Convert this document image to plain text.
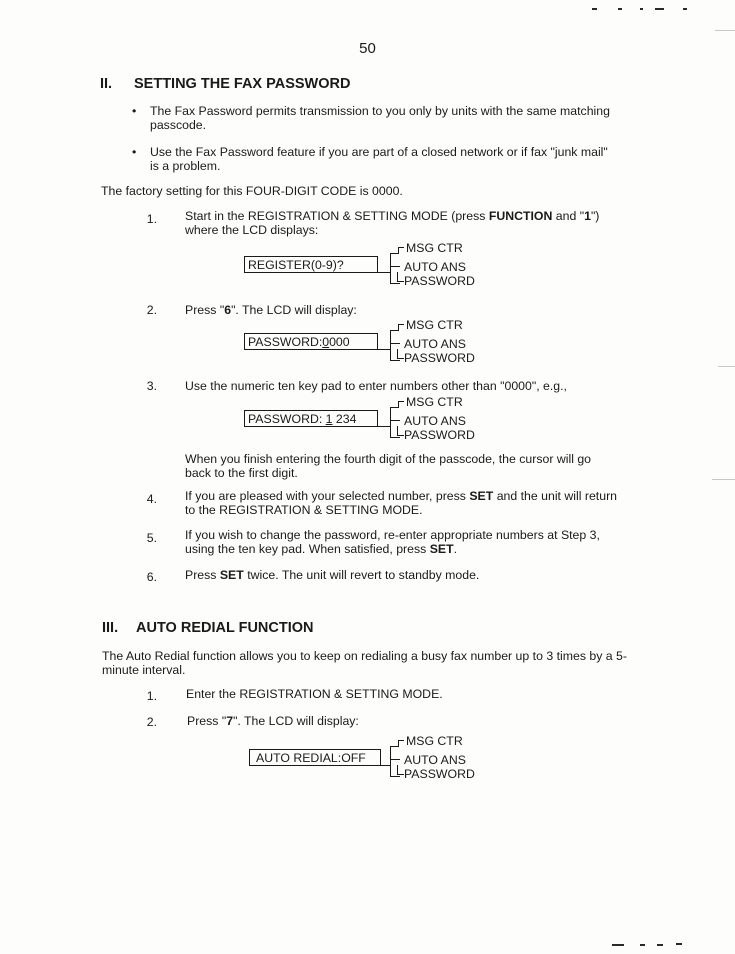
50
II. SETTING THE FAX PASSWORD
• The Fax Password permits transmission to you only by units with the same matching
passcode.
• Use the Fax Password feature if you are part of a closed network or if fax "junk mail"
is a problem.
The factory setting for this FOUR-DIGIT CODE is 0000.
1. Start in the REGISTRATION & SETTING MODE (press FUNCTION and "1")
where the LCD displays:
REGISTER(0-9)?
MSG CTR
AUTO ANS
PASSWORD
2. Press "6". The LCD will display:
PASSWORD:0000
MSG CTR
AUTO ANS
PASSWORD
3. Use the numeric ten key pad to enter numbers other than "0000", e.g.,
PASSWORD: 1 234
MSG CTR
AUTO ANS
PASSWORD
When you finish entering the fourth digit of the passcode, the cursor will go
back to the first digit.
4. If you are pleased with your selected number, press SET and the unit will return
to the REGISTRATION & SETTING MODE.
5. If you wish to change the password, re-enter appropriate numbers at Step 3,
using the ten key pad. When satisfied, press SET.
6. Press SET twice. The unit will revert to standby mode.
III. AUTO REDIAL FUNCTION
The Auto Redial function allows you to keep on redialing a busy fax number up to 3 times by a 5-
minute interval.
1. Enter the REGISTRATION & SETTING MODE.
2. Press "7". The LCD will display:
AUTO REDIAL:OFF
MSG CTR
AUTO ANS
PASSWORD
